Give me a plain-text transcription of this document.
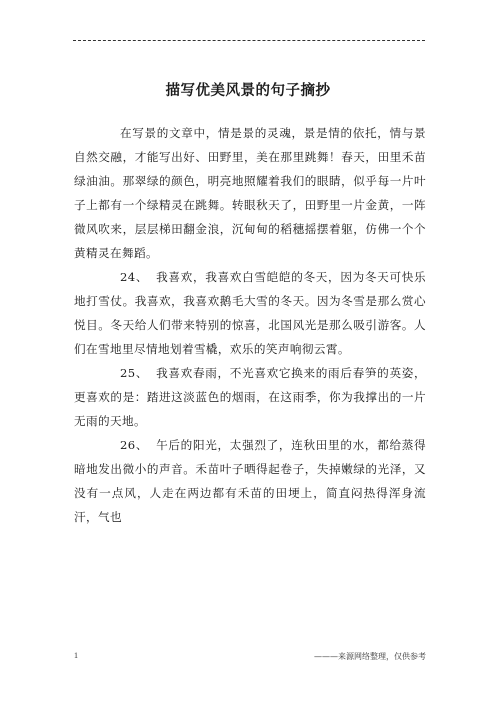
描写优美风景的句子摘抄

在写景的文章中，情是景的灵魂，景是情的依托，情与景自然交融，才能写出好、田野里，美在那里跳舞！春天，田里禾苗绿油油。那翠绿的颜色，明亮地照耀着我们的眼睛，似乎每一片叶子上都有一个绿精灵在跳舞。转眼秋天了，田野里一片金黄，一阵微风吹来，层层梯田翻金浪，沉甸甸的稻穗摇摆着躯，仿佛一个个黄精灵在舞蹈。

24、 我喜欢，我喜欢白雪皑皑的冬天，因为冬天可快乐地打雪仗。我喜欢，我喜欢鹅毛大雪的冬天。因为冬雪是那么赏心悦目。冬天给人们带来特别的惊喜，北国风光是那么吸引游客。人们在雪地里尽情地划着雪橇，欢乐的笑声响彻云霄。

25、 我喜欢春雨，不光喜欢它换来的雨后春笋的英姿，更喜欢的是：踏进这淡蓝色的烟雨，在这雨季，你为我撑出的一片无雨的天地。

26、 午后的阳光，太强烈了，连秋田里的水，都给蒸得暗地发出微小的声音。禾苗叶子晒得起卷子，失掉嫩绿的光泽，又没有一点风，人走在两边都有禾苗的田埂上，简直闷热得浑身流汗，气也

1	———来源网络整理，仅供参考
